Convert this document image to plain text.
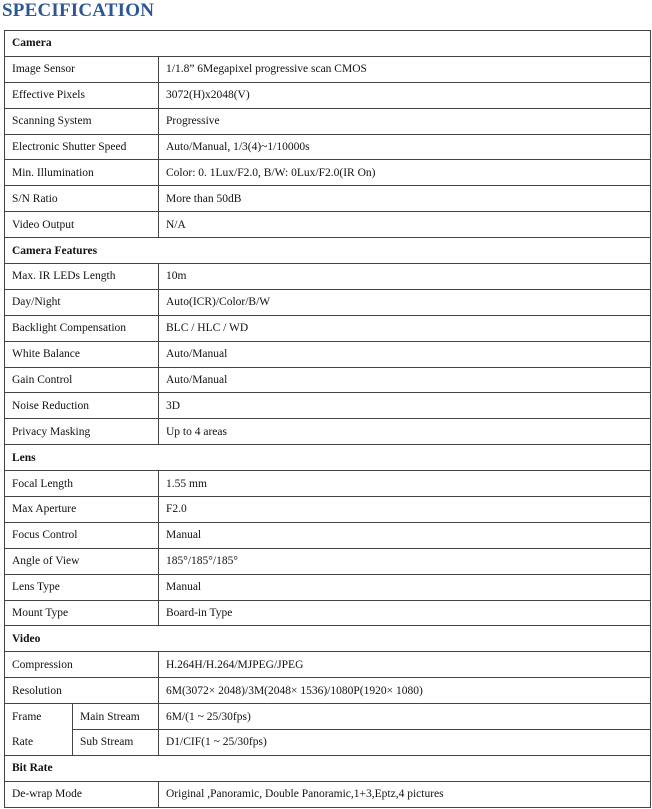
SPECIFICATION
Camera		
Image Sensor		1/1.8” 6Megapixel progressive scan CMOS
Effective Pixels		3072(H)x2048(V)
Scanning System		Progressive
Electronic Shutter Speed		Auto/Manual, 1/3(4)~1/10000s
Min. Illumination		Color: 0. 1Lux/F2.0, B/W: 0Lux/F2.0(IR On)
S/N Ratio		More than 50dB
Video Output		N/A
Camera Features		
Max. IR LEDs Length		10m
Day/Night		Auto(ICR)/Color/B/W
Backlight Compensation		BLC / HLC / WD
White Balance		Auto/Manual
Gain Control		Auto/Manual
Noise Reduction		3D
Privacy Masking		Up to 4 areas
Lens		
Focal Length		1.55 mm
Max Aperture		F2.0
Focus Control		Manual
Angle of View		185°/185°/185°
Lens Type		Manual
Mount Type		Board-in Type
Video		
Compression		H.264H/H.264/MJPEG/JPEG
Resolution		6M(3072× 2048)/3M(2048× 1536)/1080P(1920× 1080)
Frame	Main Stream	6M/(1 ~ 25/30fps)
Rate	Sub Stream	D1/CIF(1 ~ 25/30fps)
Bit Rate		
De-wrap Mode		Original ,Panoramic, Double Panoramic,1+3,Eptz,4 pictures
